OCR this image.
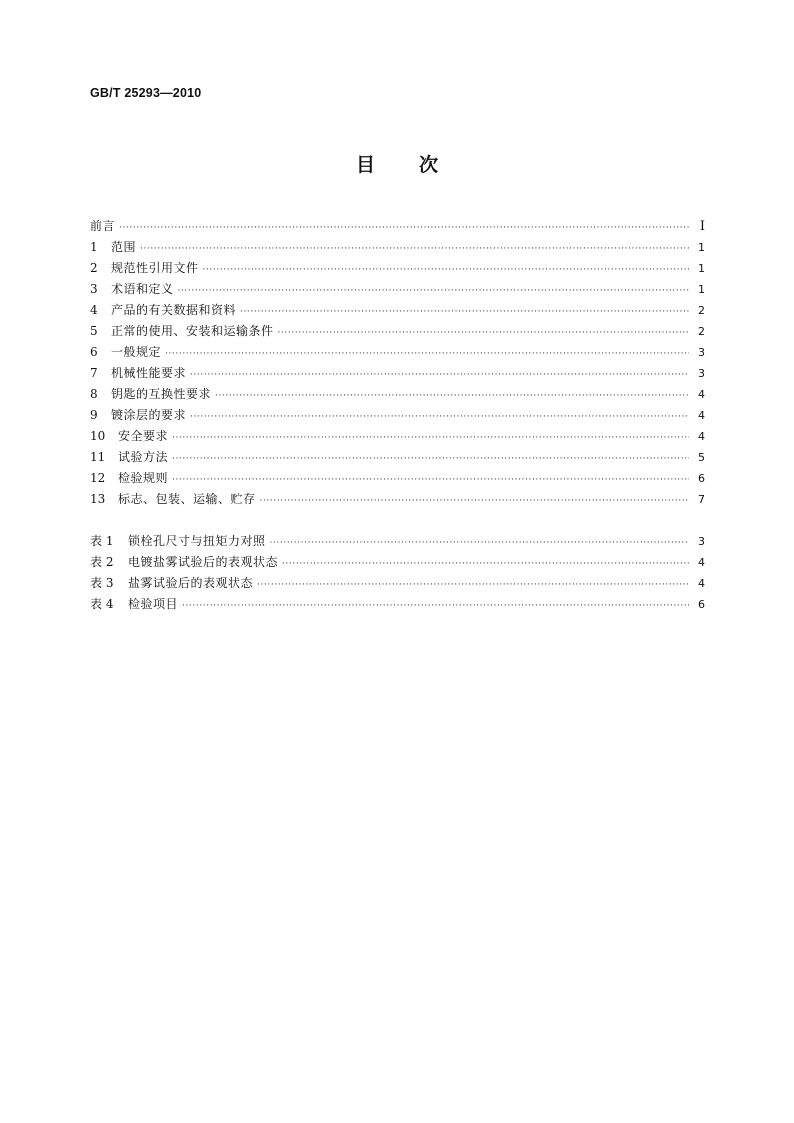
GB/T 25293—2010
目 次
前言 ·····	Ⅰ
1	范围 ·····	1
2	规范性引用文件 ·····	1
3	术语和定义 ·····	1
4	产品的有关数据和资料 ·····	2
5	正常的使用、安装和运输条件 ·····	2
6	一般规定 ·····	3
7	机械性能要求 ·····	3
8	钥匙的互换性要求 ·····	4
9	镀涂层的要求 ·····	4
10	安全要求 ·····	4
11	试验方法 ·····	5
12	检验规则 ·····	6
13	标志、包装、运输、贮存 ·····	7
表 1	锁栓孔尺寸与扭矩力对照 ·····	3
表 2	电镀盐雾试验后的表观状态 ·····	4
表 3	盐雾试验后的表观状态 ·····	4
表 4	检验项目 ·····	6
